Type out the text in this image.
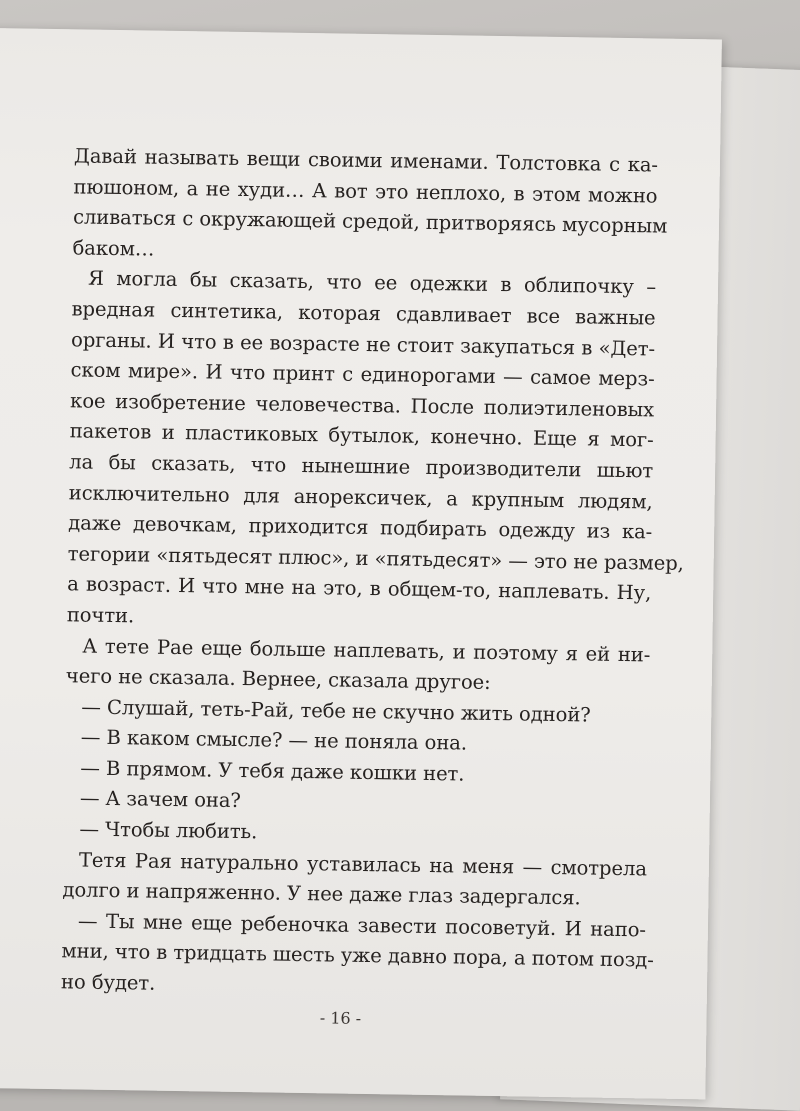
Давай называть вещи своими именами. Толстовка с ка-
пюшоном, а не худи… А вот это неплохо, в этом можно
сливаться с окружающей средой, притворяясь мусорным
баком…
Я могла бы сказать, что ее одежки в облипочку –
вредная синтетика, которая сдавливает все важные
органы. И что в ее возрасте не стоит закупаться в «Дет-
ском мире». И что принт с единорогами — самое мерз-
кое изобретение человечества. После полиэтиленовых
пакетов и пластиковых бутылок, конечно. Еще я мог-
ла бы сказать, что нынешние производители шьют
исключительно для анорексичек, а крупным людям,
даже девочкам, приходится подбирать одежду из ка-
тегории «пятьдесят плюс», и «пятьдесят» — это не размер,
а возраст. И что мне на это, в общем-то, наплевать. Ну,
почти.
А тете Рае еще больше наплевать, и поэтому я ей ни-
чего не сказала. Вернее, сказала другое:
— Слушай, теть-Рай, тебе не скучно жить одной?
— В каком смысле? — не поняла она.
— В прямом. У тебя даже кошки нет.
— А зачем она?
— Чтобы любить.
Тетя Рая натурально уставилась на меня — смотрела
долго и напряженно. У нее даже глаз задергался.
— Ты мне еще ребеночка завести посоветуй. И напо-
мни, что в тридцать шесть уже давно пора, а потом позд-
но будет.
- 16 -
